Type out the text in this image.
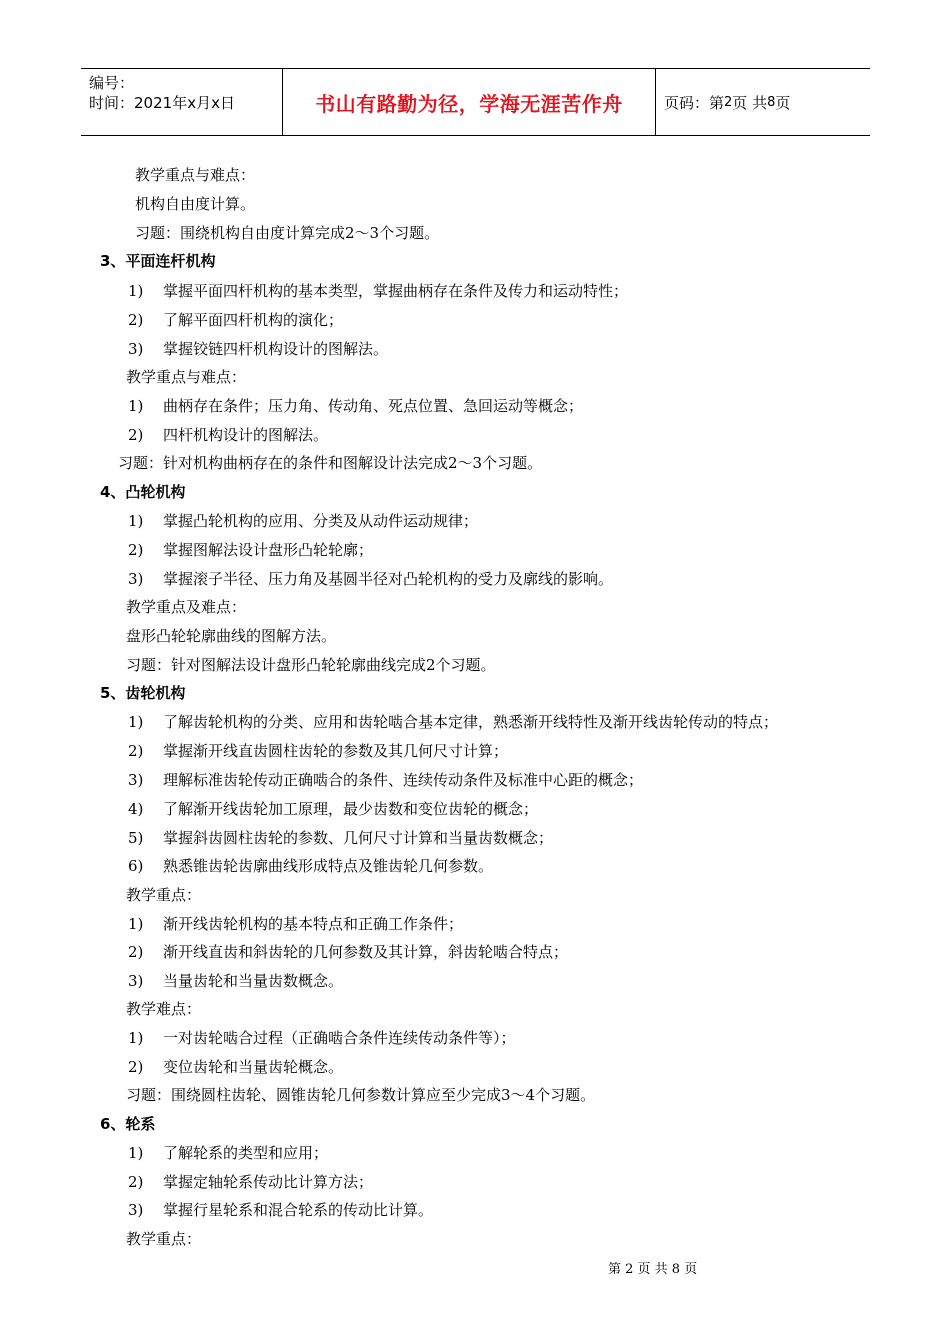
编号：
时间：2021年x月x日	书山有路勤为径，学海无涯苦作舟	页码：第 2 页 共 8 页
教学重点与难点：
机构自由度计算。
习题：围绕机构自由度计算完成2～3个习题。
3、平面连杆机构
1) 掌握平面四杆机构的基本类型，掌握曲柄存在条件及传力和运动特性；
2) 了解平面四杆机构的演化；
3) 掌握铰链四杆机构设计的图解法。
教学重点与难点：
1) 曲柄存在条件；压力角、传动角、死点位置、急回运动等概念；
2) 四杆机构设计的图解法。
习题：针对机构曲柄存在的条件和图解设计法完成2～3个习题。
4、凸轮机构
1) 掌握凸轮机构的应用、分类及从动件运动规律；
2) 掌握图解法设计盘形凸轮轮廓；
3) 掌握滚子半径、压力角及基圆半径对凸轮机构的受力及廓线的影响。
教学重点及难点：
盘形凸轮轮廓曲线的图解方法。
习题：针对图解法设计盘形凸轮轮廓曲线完成2个习题。
5、齿轮机构
1) 了解齿轮机构的分类、应用和齿轮啮合基本定律，熟悉渐开线特性及渐开线齿轮传动的特点；
2) 掌握渐开线直齿圆柱齿轮的参数及其几何尺寸计算；
3) 理解标准齿轮传动正确啮合的条件、连续传动条件及标准中心距的概念；
4) 了解渐开线齿轮加工原理，最少齿数和变位齿轮的概念；
5) 掌握斜齿圆柱齿轮的参数、几何尺寸计算和当量齿数概念；
6) 熟悉锥齿轮齿廓曲线形成特点及锥齿轮几何参数。
教学重点：
1) 渐开线齿轮机构的基本特点和正确工作条件；
2) 渐开线直齿和斜齿轮的几何参数及其计算，斜齿轮啮合特点；
3) 当量齿轮和当量齿数概念。
教学难点：
1) 一对齿轮啮合过程（正确啮合条件连续传动条件等）；
2) 变位齿轮和当量齿轮概念。
习题：围绕圆柱齿轮、圆锥齿轮几何参数计算应至少完成3～4个习题。
6、轮系
1) 了解轮系的类型和应用；
2) 掌握定轴轮系传动比计算方法；
3) 掌握行星轮系和混合轮系的传动比计算。
教学重点：
第 2 页 共 8 页
